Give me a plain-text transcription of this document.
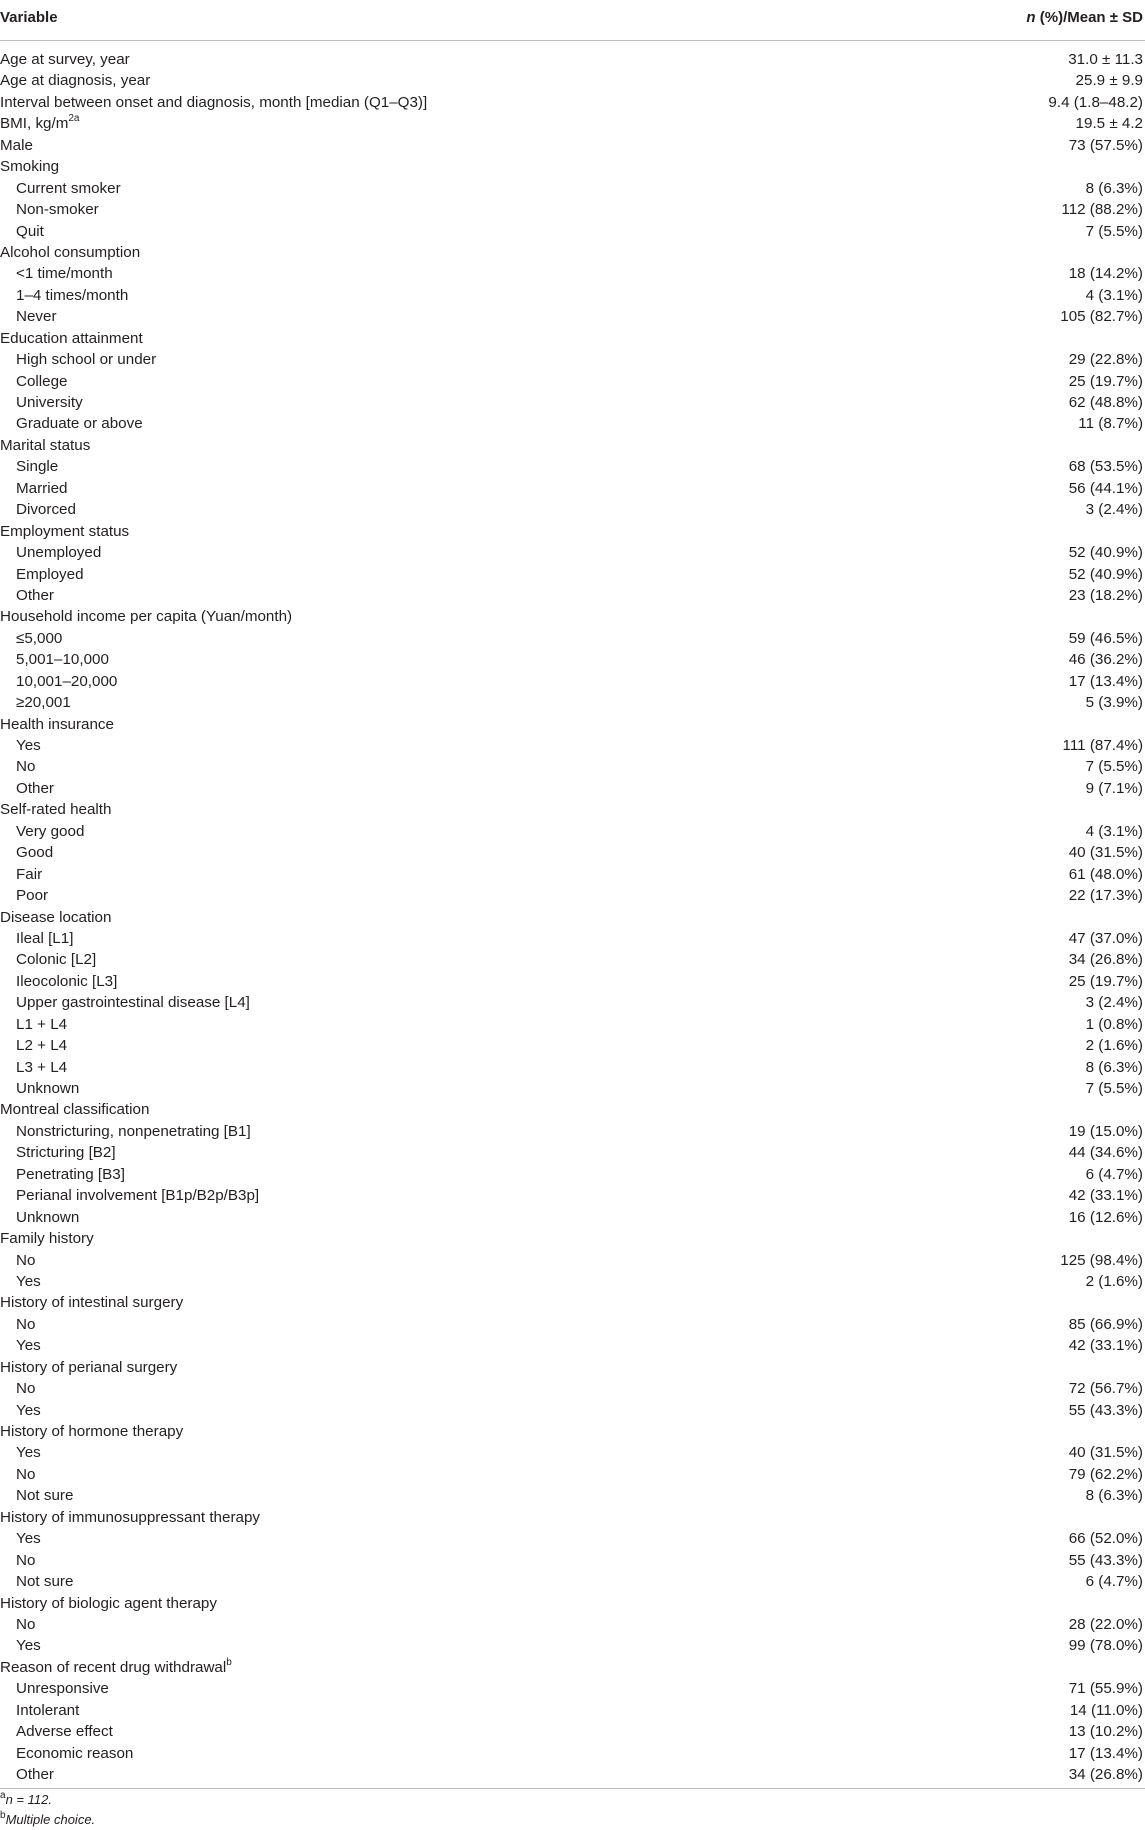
Variable	n (%)/Mean ± SD
Age at survey, year	31.0 ± 11.3
Age at diagnosis, year	25.9 ± 9.9
Interval between onset and diagnosis, month [median (Q1–Q3)]	9.4 (1.8–48.2)
BMI, $kg/m^{2a}$	19.5 ± 4.2
Male	73 (57.5%)
Smoking
Current smoker	8 (6.3%)
Non-smoker	112 (88.2%)
Quit	7 (5.5%)
Alcohol consumption
<1 time/month	18 (14.2%)
1–4 times/month	4 (3.1%)
Never	105 (82.7%)
Education attainment
High school or under	29 (22.8%)
College	25 (19.7%)
University	62 (48.8%)
Graduate or above	11 (8.7%)
Marital status
Single	68 (53.5%)
Married	56 (44.1%)
Divorced	3 (2.4%)
Employment status
Unemployed	52 (40.9%)
Employed	52 (40.9%)
Other	23 (18.2%)
Household income per capita (Yuan/month)
≤5,000	59 (46.5%)
5,001–10,000	46 (36.2%)
10,001–20,000	17 (13.4%)
≥20,001	5 (3.9%)
Health insurance
Yes	111 (87.4%)
No	7 (5.5%)
Other	9 (7.1%)
Self-rated health
Very good	4 (3.1%)
Good	40 (31.5%)
Fair	61 (48.0%)
Poor	22 (17.3%)
Disease location
Ileal [L1]	47 (37.0%)
Colonic [L2]	34 (26.8%)
Ileocolonic [L3]	25 (19.7%)
Upper gastrointestinal disease [L4]	3 (2.4%)
L1 + L4	1 (0.8%)
L2 + L4	2 (1.6%)
L3 + L4	8 (6.3%)
Unknown	7 (5.5%)
Montreal classification
Nonstricturing, nonpenetrating [B1]	19 (15.0%)
Stricturing [B2]	44 (34.6%)
Penetrating [B3]	6 (4.7%)
Perianal involvement [B1p/B2p/B3p]	42 (33.1%)
Unknown	16 (12.6%)
Family history
No	125 (98.4%)
Yes	2 (1.6%)
History of intestinal surgery
No	85 (66.9%)
Yes	42 (33.1%)
History of perianal surgery
No	72 (56.7%)
Yes	55 (43.3%)
History of hormone therapy
Yes	40 (31.5%)
No	79 (62.2%)
Not sure	8 (6.3%)
History of immunosuppressant therapy
Yes	66 (52.0%)
No	55 (43.3%)
Not sure	6 (4.7%)
History of biologic agent therapy
No	28 (22.0%)
Yes	99 (78.0%)
Reason of recent drug withdrawal$^b$
Unresponsive	71 (55.9%)
Intolerant	14 (11.0%)
Adverse effect	13 (10.2%)
Economic reason	17 (13.4%)
Other	34 (26.8%)
$^a$n = 112.
$^b$Multiple choice.
